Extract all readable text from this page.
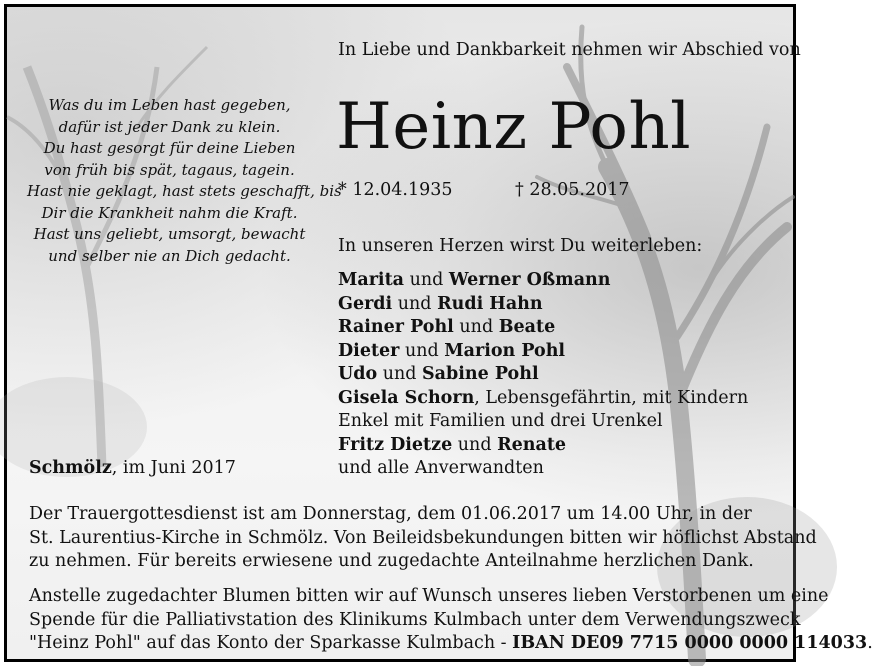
In Liebe und Dankbarkeit nehmen wir Abschied von
Heinz Pohl
* 12.04.1935	† 28.05.2017
In unseren Herzen wirst Du weiterleben:
Marita und Werner Oßmann
Gerdi und Rudi Hahn
Rainer Pohl und Beate
Dieter und Marion Pohl
Udo und Sabine Pohl
Gisela Schorn, Lebensgefährtin, mit Kindern
Enkel mit Familien und drei Urenkel
Fritz Dietze und Renate
und alle Anverwandten
Was du im Leben hast gegeben,
dafür ist jeder Dank zu klein.
Du hast gesorgt für deine Lieben
von früh bis spät, tagaus, tagein.
Hast nie geklagt, hast stets geschafft, bis
Dir die Krankheit nahm die Kraft.
Hast uns geliebt, umsorgt, bewacht
und selber nie an Dich gedacht.
Schmölz, im Juni 2017
Der Trauergottesdienst ist am Donnerstag, dem 01.06.2017 um 14.00 Uhr, in der
St. Laurentius-Kirche in Schmölz. Von Beileidsbekundungen bitten wir höflichst Abstand
zu nehmen. Für bereits erwiesene und zugedachte Anteilnahme herzlichen Dank.
Anstelle zugedachter Blumen bitten wir auf Wunsch unseres lieben Verstorbenen um eine
Spende für die Palliativstation des Klinikums Kulmbach unter dem Verwendungszweck
"Heinz Pohl" auf das Konto der Sparkasse Kulmbach - IBAN DE09 7715 0000 0000 114033.
